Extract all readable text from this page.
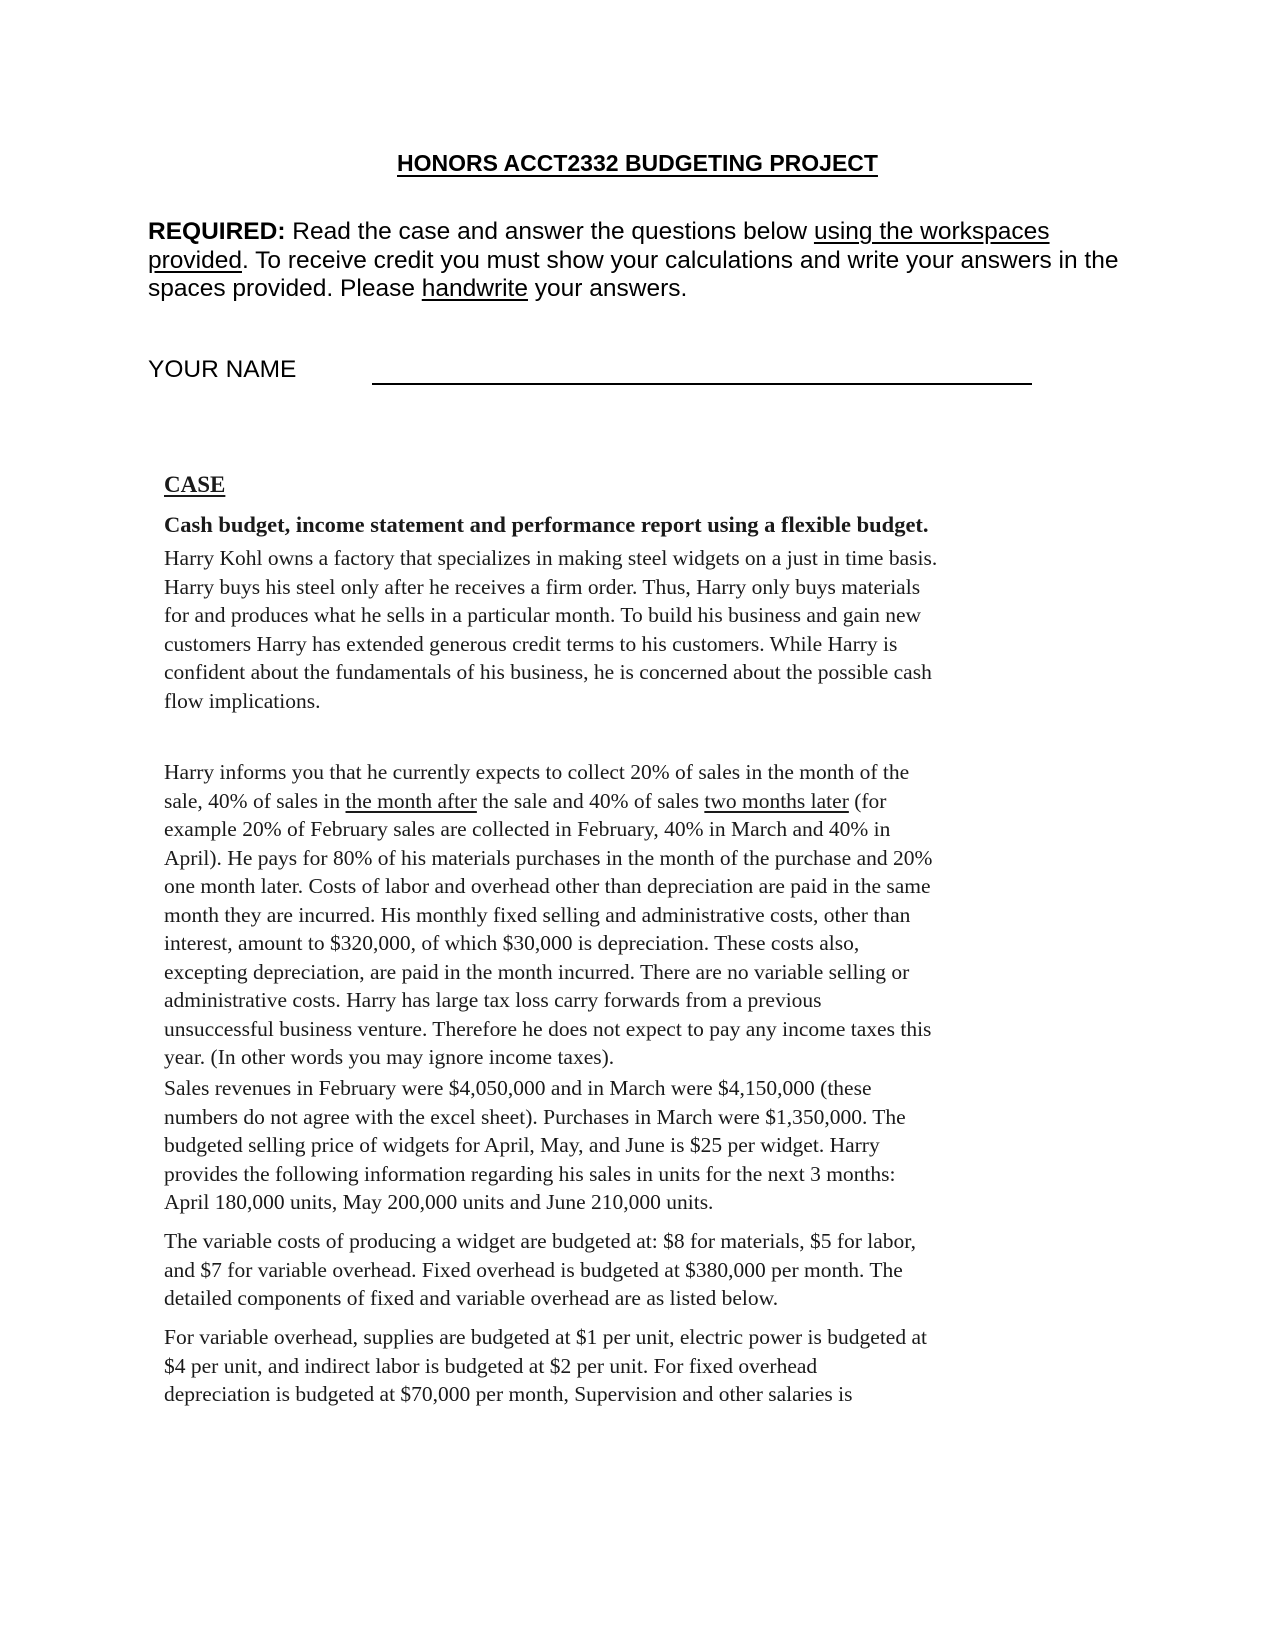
HONORS ACCT2332 BUDGETING PROJECT

REQUIRED: Read the case and answer the questions below using the workspaces provided. To receive credit you must show your calculations and write your answers in the spaces provided. Please handwrite your answers.

YOUR NAME
CASE
Cash budget, income statement and performance report using a flexible budget.
Harry Kohl owns a factory that specializes in making steel widgets on a just in time basis.
Harry buys his steel only after he receives a firm order. Thus, Harry only buys materials
for and produces what he sells in a particular month. To build his business and gain new
customers Harry has extended generous credit terms to his customers. While Harry is
confident about the fundamentals of his business, he is concerned about the possible cash
flow implications.
Harry informs you that he currently expects to collect 20% of sales in the month of the
sale, 40% of sales in the month after the sale and 40% of sales two months later (for
example 20% of February sales are collected in February, 40% in March and 40% in
April). He pays for 80% of his materials purchases in the month of the purchase and 20%
one month later. Costs of labor and overhead other than depreciation are paid in the same
month they are incurred. His monthly fixed selling and administrative costs, other than
interest, amount to $320,000, of which $30,000 is depreciation. These costs also,
excepting depreciation, are paid in the month incurred. There are no variable selling or
administrative costs. Harry has large tax loss carry forwards from a previous
unsuccessful business venture. Therefore he does not expect to pay any income taxes this
year. (In other words you may ignore income taxes).
Sales revenues in February were $4,050,000 and in March were $4,150,000 (these
numbers do not agree with the excel sheet). Purchases in March were $1,350,000. The
budgeted selling price of widgets for April, May, and June is $25 per widget. Harry
provides the following information regarding his sales in units for the next 3 months:
April 180,000 units, May 200,000 units and June 210,000 units.
The variable costs of producing a widget are budgeted at: $8 for materials, $5 for labor,
and $7 for variable overhead. Fixed overhead is budgeted at $380,000 per month. The
detailed components of fixed and variable overhead are as listed below.
For variable overhead, supplies are budgeted at $1 per unit, electric power is budgeted at
$4 per unit, and indirect labor is budgeted at $2 per unit. For fixed overhead
depreciation is budgeted at $70,000 per month, Supervision and other salaries is
